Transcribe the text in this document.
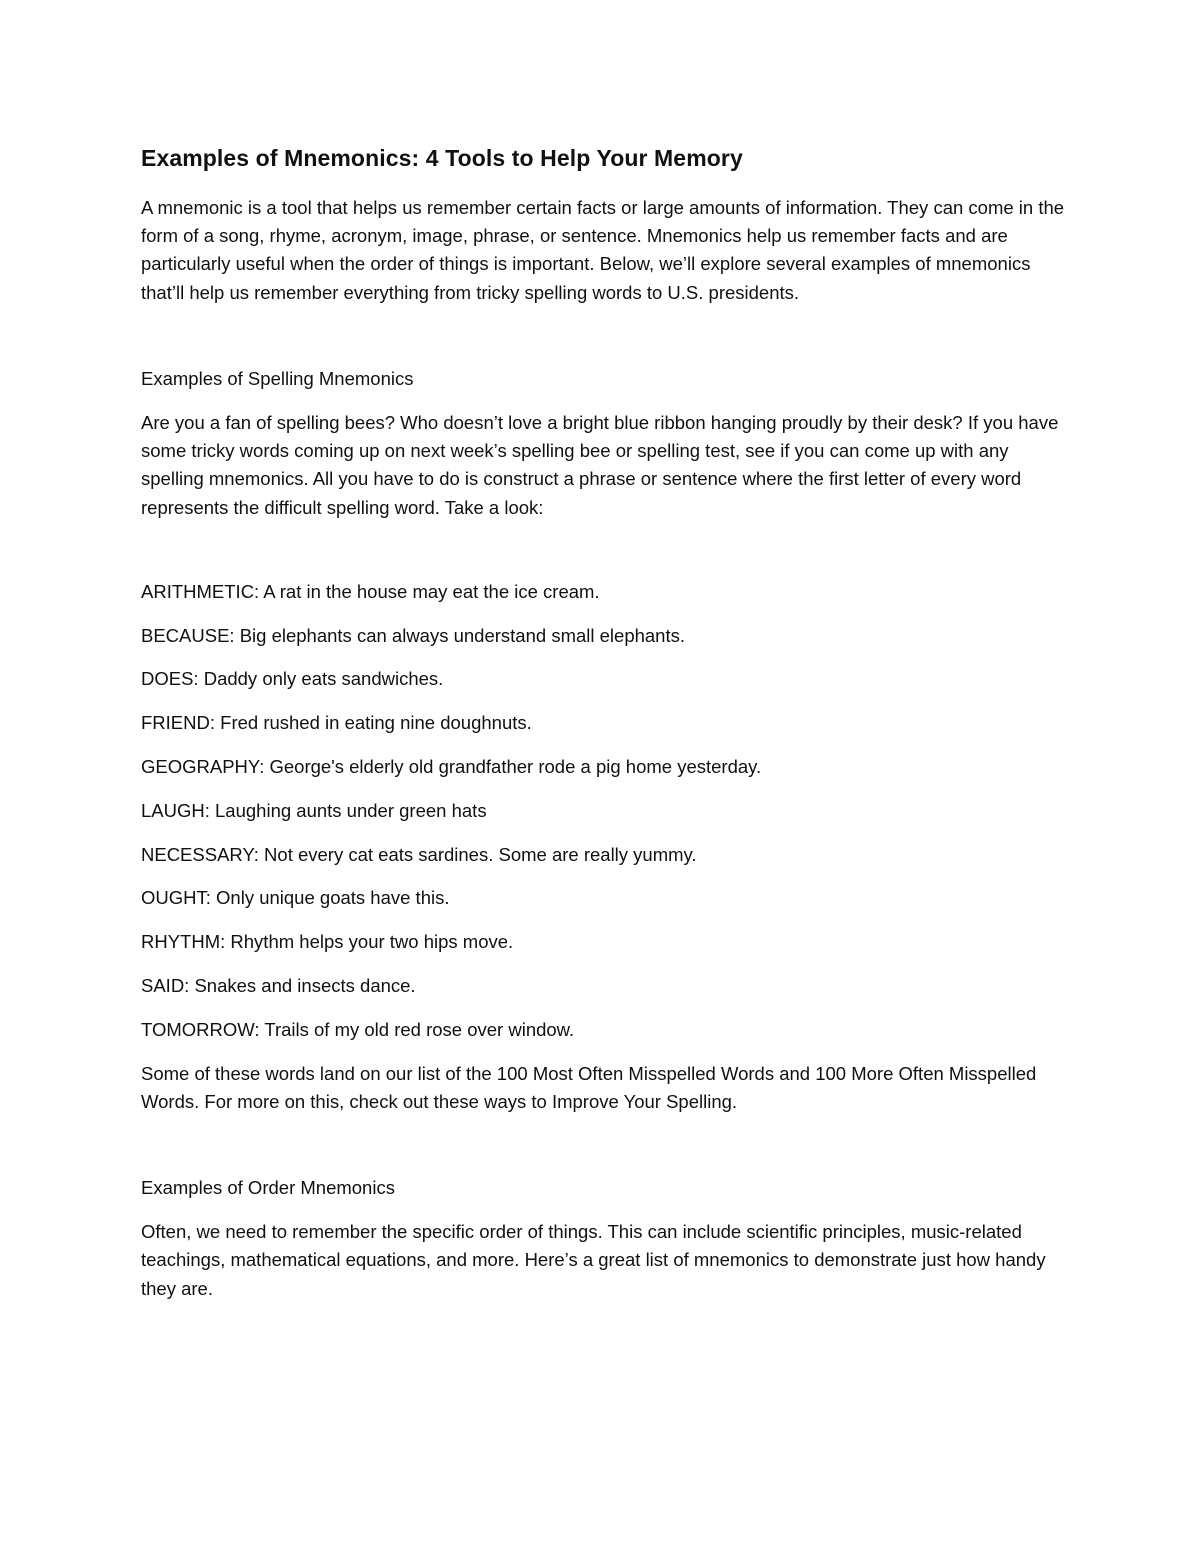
Examples of Mnemonics: 4 Tools to Help Your Memory
A mnemonic is a tool that helps us remember certain facts or large amounts of information. They can come in the form of a song, rhyme, acronym, image, phrase, or sentence. Mnemonics help us remember facts and are particularly useful when the order of things is important. Below, we’ll explore several examples of mnemonics that’ll help us remember everything from tricky spelling words to U.S. presidents.
Examples of Spelling Mnemonics
Are you a fan of spelling bees? Who doesn’t love a bright blue ribbon hanging proudly by their desk? If you have some tricky words coming up on next week’s spelling bee or spelling test, see if you can come up with any spelling mnemonics. All you have to do is construct a phrase or sentence where the first letter of every word represents the difficult spelling word. Take a look:
ARITHMETIC: A rat in the house may eat the ice cream.
BECAUSE: Big elephants can always understand small elephants.
DOES: Daddy only eats sandwiches.
FRIEND: Fred rushed in eating nine doughnuts.
GEOGRAPHY: George's elderly old grandfather rode a pig home yesterday.
LAUGH: Laughing aunts under green hats
NECESSARY: Not every cat eats sardines. Some are really yummy.
OUGHT: Only unique goats have this.
RHYTHM: Rhythm helps your two hips move.
SAID: Snakes and insects dance.
TOMORROW: Trails of my old red rose over window.
Some of these words land on our list of the 100 Most Often Misspelled Words and 100 More Often Misspelled Words. For more on this, check out these ways to Improve Your Spelling.
Examples of Order Mnemonics
Often, we need to remember the specific order of things. This can include scientific principles, music-related teachings, mathematical equations, and more. Here’s a great list of mnemonics to demonstrate just how handy they are.
